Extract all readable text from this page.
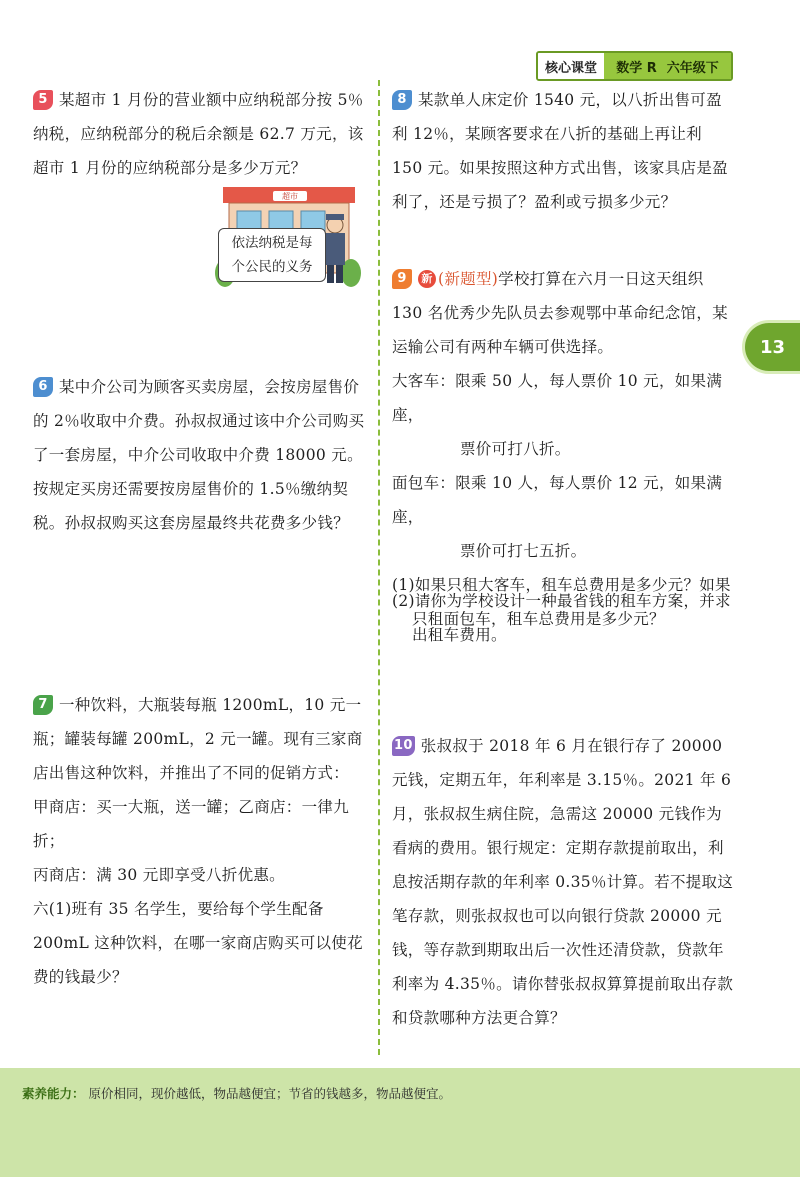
核心课堂	数学 R 六年级下
13
5 某超市 1 月份的营业额中应纳税部分按 5％ 纳税，应纳税部分的税后余额是 62.7 万元，该超市 1 月份的应纳税部分是多少万元？
超市
依法纳税是每
个公民的义务
6 某中介公司为顾客买卖房屋，会按房屋售价的 2％收取中介费。孙叔叔通过该中介公司购买了一套房屋，中介公司收取中介费 18000 元。按规定买房还需要按房屋售价的 1.5％缴纳契税。孙叔叔购买这套房屋最终共花费多少钱？
7 一种饮料，大瓶装每瓶 1200mL，10 元一瓶；罐装每罐 200mL，2 元一罐。现有三家商店出售这种饮料，并推出了不同的促销方式：
甲商店：买一大瓶，送一罐；乙商店：一律九折；
丙商店：满 30 元即享受八折优惠。
六(1)班有 35 名学生，要给每个学生配备 200mL 这种饮料，在哪一家商店购买可以使花费的钱最少？
8 某款单人床定价 1540 元，以八折出售可盈利 12％，某顾客要求在八折的基础上再让利 150 元。如果按照这种方式出售，该家具店是盈利了，还是亏损了？盈利或亏损多少元？
9 新 (新题型)学校打算在六月一日这天组织 130 名优秀少先队员去参观鄂中革命纪念馆，某运输公司有两种车辆可供选择。
大客车：限乘 50 人，每人票价 10 元，如果满座，
票价可打八折。
面包车：限乘 10 人，每人票价 12 元，如果满座，
票价可打七五折。
(1)如果只租大客车，租车总费用是多少元？如果只租面包车，租车总费用是多少元？
(2)请你为学校设计一种最省钱的租车方案，并求出租车费用。
10 张叔叔于 2018 年 6 月在银行存了 20000 元钱，定期五年，年利率是 3.15％。2021 年 6 月，张叔叔生病住院，急需这 20000 元钱作为看病的费用。银行规定：定期存款提前取出，利息按活期存款的年利率 0.35％计算。若不提取这笔存款，则张叔叔也可以向银行贷款 20000 元钱，等存款到期取出后一次性还清贷款，贷款年利率为 4.35％。请你替张叔叔算算提前取出存款和贷款哪种方法更合算？
素养能力： 原价相同，现价越低，物品越便宜；节省的钱越多，物品越便宜。
